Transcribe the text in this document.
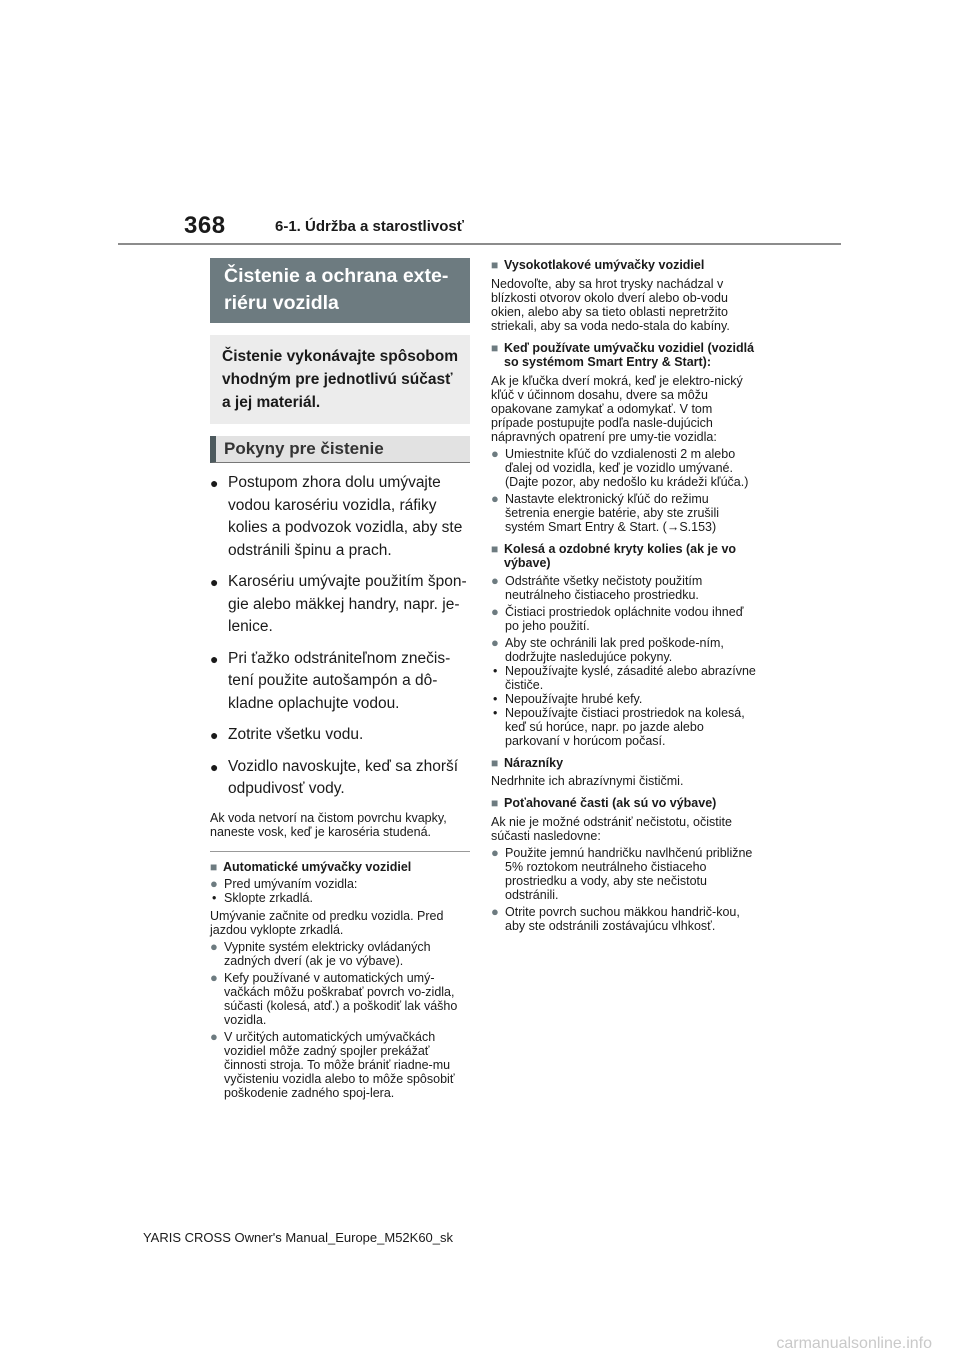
368	6-1. Údržba a starostlivosť
Čistenie a ochrana exte-riéru vozidla
Čistenie vykonávajte spôsobom vhodným pre jednotlivú súčasť a jej materiál.
Pokyny pre čistenie
● Postupom zhora dolu umývajte vodou karosériu vozidla, ráfiky kolies a podvozok vozidla, aby ste odstránili špinu a prach.
● Karosériu umývajte použitím špon-gie alebo mäkkej handry, napr. je-lenice.
● Pri ťažko odstrániteľnom znečis-tení použite autošampón a dô-kladne oplachujte vodou.
● Zotrite všetku vodu.
● Vozidlo navoskujte, keď sa zhorší odpudivosť vody.
Ak voda netvorí na čistom povrchu kvapky, naneste vosk, keď je karoséria studená.
■ Automatické umývačky vozidiel
● Pred umývaním vozidla:
• Sklopte zrkadlá.
Umývanie začnite od predku vozidla. Pred jazdou vyklopte zrkadlá.
● Vypnite systém elektricky ovládaných zadných dverí (ak je vo výbave).
● Kefy používané v automatických umý-vačkách môžu poškrabať povrch vo-zidla, súčasti (kolesá, atď.) a poškodiť lak vášho vozidla.
● V určitých automatických umývačkách vozidiel môže zadný spojler prekážať činnosti stroja. To môže brániť riadne-mu vyčisteniu vozidla alebo to môže spôsobiť poškodenie zadného spoj-lera.
■ Vysokotlakové umývačky vozidiel
Nedovoľte, aby sa hrot trysky nachádzal v blízkosti otvorov okolo dverí alebo ob-vodu okien, alebo aby sa tieto oblasti nepretržito striekali, aby sa voda nedo-stala do kabíny.
■ Keď používate umývačku vozidiel (vozidlá so systémom Smart Entry & Start):
Ak je kľučka dverí mokrá, keď je elektro-nický kľúč v účinnom dosahu, dvere sa môžu opakovane zamykať a odomykať. V tom prípade postupujte podľa nasle-dujúcich nápravných opatrení pre umy-tie vozidla:
● Umiestnite kľúč do vzdialenosti 2 m alebo ďalej od vozidla, keď je vozidlo umývané. (Dajte pozor, aby nedošlo ku krádeži kľúča.)
● Nastavte elektronický kľúč do režimu šetrenia energie batérie, aby ste zrušili systém Smart Entry & Start. (→S.153)
■ Kolesá a ozdobné kryty kolies (ak je vo výbave)
● Odstráňte všetky nečistoty použitím neutrálneho čistiaceho prostriedku.
● Čistiaci prostriedok opláchnite vodou ihneď po jeho použití.
● Aby ste ochránili lak pred poškode-ním, dodržujte nasledujúce pokyny.
• Nepoužívajte kyslé, zásadité alebo abrazívne čističe.
• Nepoužívajte hrubé kefy.
• Nepoužívajte čistiaci prostriedok na kolesá, keď sú horúce, napr. po jazde alebo parkovaní v horúcom počasí.
■ Nárazníky
Nedrhnite ich abrazívnymi čističmi.
■ Poťahované časti (ak sú vo výbave)
Ak nie je možné odstrániť nečistotu, očistite súčasti nasledovne:
● Použite jemnú handričku navlhčenú približne 5% roztokom neutrálneho čistiaceho prostriedku a vody, aby ste nečistotu odstránili.
● Otrite povrch suchou mäkkou handrič-kou, aby ste odstránili zostávajúcu vlhkosť.
YARIS CROSS Owner's Manual_Europe_M52K60_sk
carmanualsonline.info
